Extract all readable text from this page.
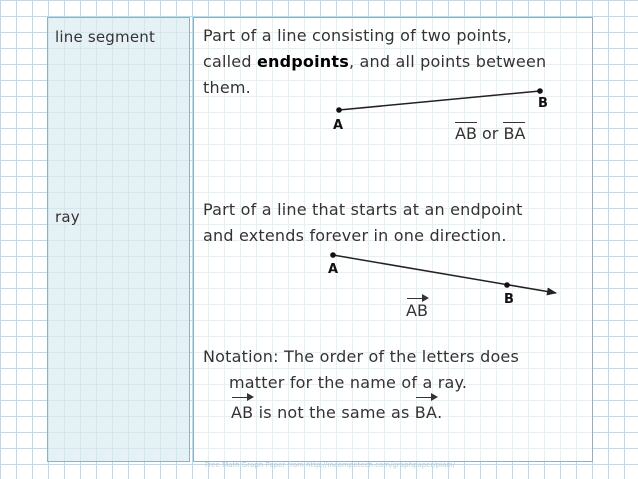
line segment	Part of a line consisting of two points,
called endpoints, and all points between
them.
ray	Part of a line that starts at an endpoint
and extends forever in one direction.
A
B
AB or BA
A
B
AB
Notation: The order of the letters does
matter for the name of a ray.
AB is not the same as BA.
Free Math Graph Paper from http://incompetech.com/graphpaper/plain/
